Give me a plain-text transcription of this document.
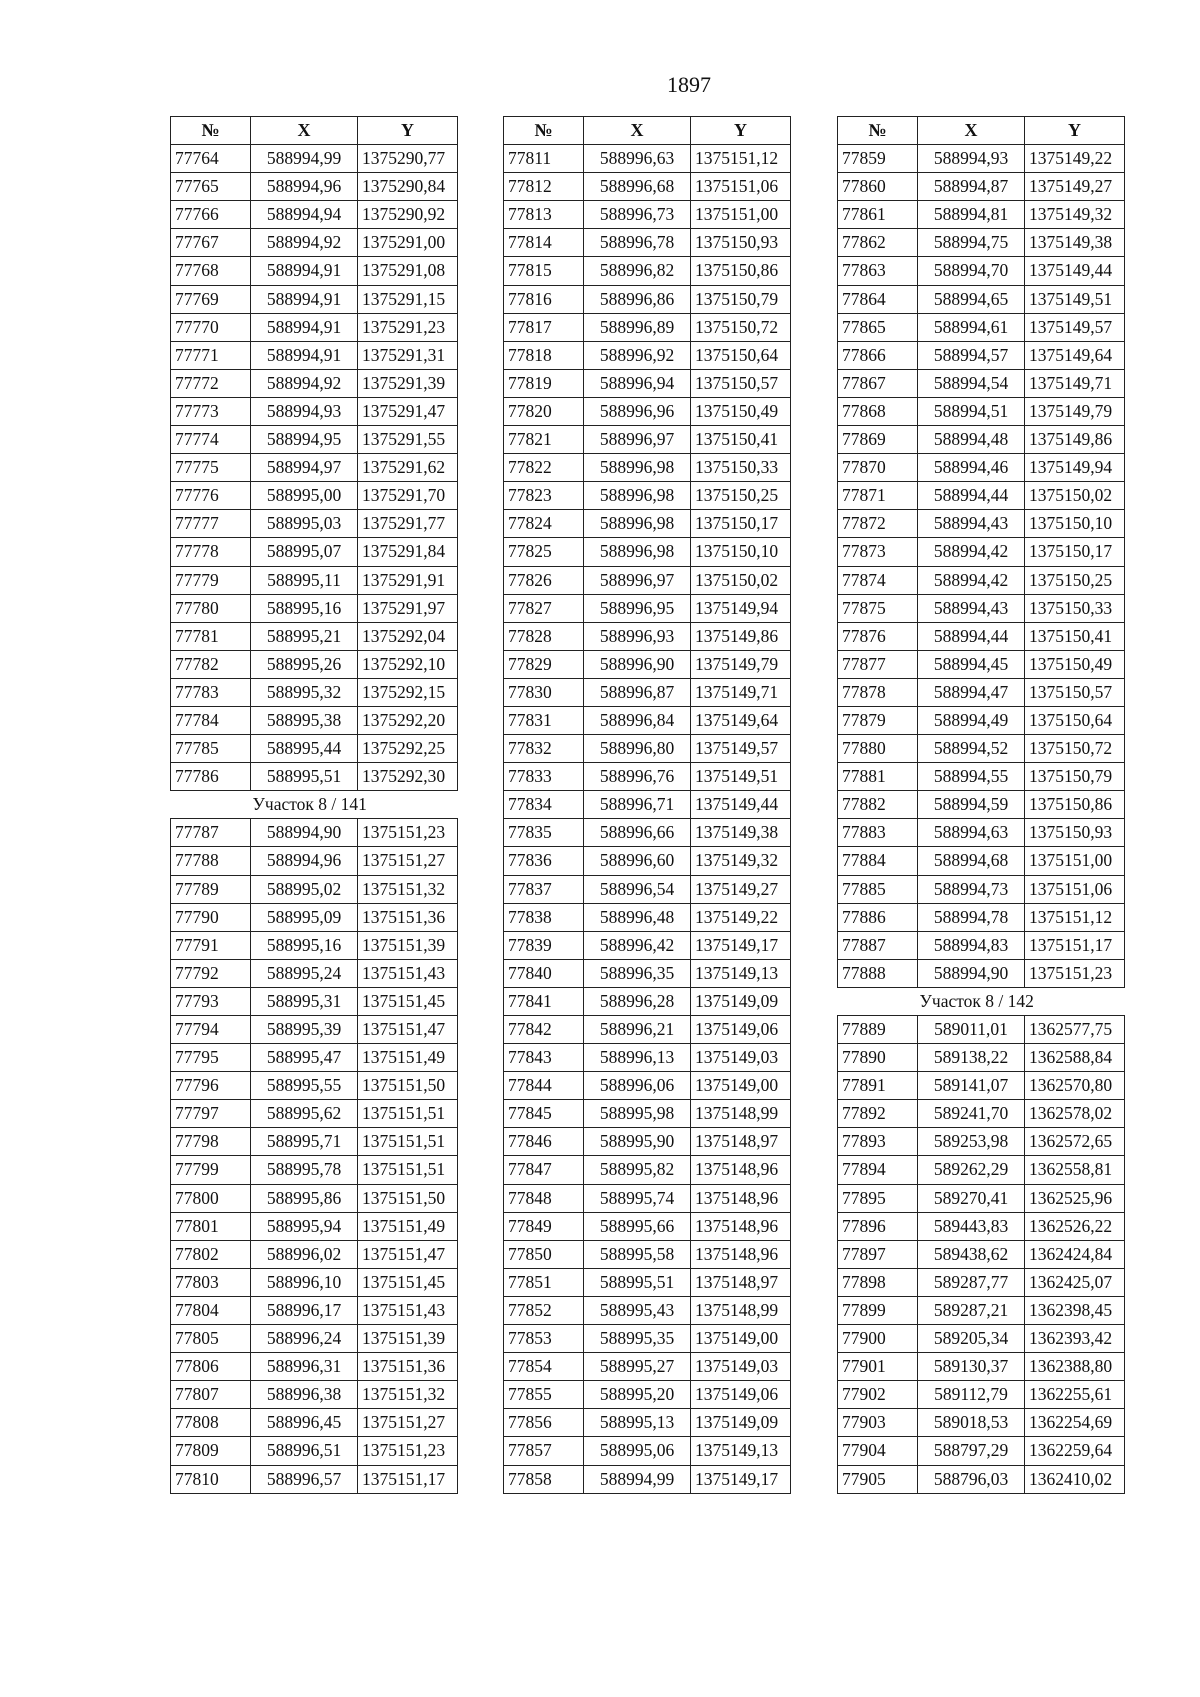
1897
№	X	Y
77764	588994,99	1375290,77
77765	588994,96	1375290,84
77766	588994,94	1375290,92
77767	588994,92	1375291,00
77768	588994,91	1375291,08
77769	588994,91	1375291,15
77770	588994,91	1375291,23
77771	588994,91	1375291,31
77772	588994,92	1375291,39
77773	588994,93	1375291,47
77774	588994,95	1375291,55
77775	588994,97	1375291,62
77776	588995,00	1375291,70
77777	588995,03	1375291,77
77778	588995,07	1375291,84
77779	588995,11	1375291,91
77780	588995,16	1375291,97
77781	588995,21	1375292,04
77782	588995,26	1375292,10
77783	588995,32	1375292,15
77784	588995,38	1375292,20
77785	588995,44	1375292,25
77786	588995,51	1375292,30
Участок 8 / 141		
77787	588994,90	1375151,23
77788	588994,96	1375151,27
77789	588995,02	1375151,32
77790	588995,09	1375151,36
77791	588995,16	1375151,39
77792	588995,24	1375151,43
77793	588995,31	1375151,45
77794	588995,39	1375151,47
77795	588995,47	1375151,49
77796	588995,55	1375151,50
77797	588995,62	1375151,51
77798	588995,71	1375151,51
77799	588995,78	1375151,51
77800	588995,86	1375151,50
77801	588995,94	1375151,49
77802	588996,02	1375151,47
77803	588996,10	1375151,45
77804	588996,17	1375151,43
77805	588996,24	1375151,39
77806	588996,31	1375151,36
77807	588996,38	1375151,32
77808	588996,45	1375151,27
77809	588996,51	1375151,23
77810	588996,57	1375151,17
№	X	Y
77811	588996,63	1375151,12
77812	588996,68	1375151,06
77813	588996,73	1375151,00
77814	588996,78	1375150,93
77815	588996,82	1375150,86
77816	588996,86	1375150,79
77817	588996,89	1375150,72
77818	588996,92	1375150,64
77819	588996,94	1375150,57
77820	588996,96	1375150,49
77821	588996,97	1375150,41
77822	588996,98	1375150,33
77823	588996,98	1375150,25
77824	588996,98	1375150,17
77825	588996,98	1375150,10
77826	588996,97	1375150,02
77827	588996,95	1375149,94
77828	588996,93	1375149,86
77829	588996,90	1375149,79
77830	588996,87	1375149,71
77831	588996,84	1375149,64
77832	588996,80	1375149,57
77833	588996,76	1375149,51
77834	588996,71	1375149,44
77835	588996,66	1375149,38
77836	588996,60	1375149,32
77837	588996,54	1375149,27
77838	588996,48	1375149,22
77839	588996,42	1375149,17
77840	588996,35	1375149,13
77841	588996,28	1375149,09
77842	588996,21	1375149,06
77843	588996,13	1375149,03
77844	588996,06	1375149,00
77845	588995,98	1375148,99
77846	588995,90	1375148,97
77847	588995,82	1375148,96
77848	588995,74	1375148,96
77849	588995,66	1375148,96
77850	588995,58	1375148,96
77851	588995,51	1375148,97
77852	588995,43	1375148,99
77853	588995,35	1375149,00
77854	588995,27	1375149,03
77855	588995,20	1375149,06
77856	588995,13	1375149,09
77857	588995,06	1375149,13
77858	588994,99	1375149,17
№	X	Y
77859	588994,93	1375149,22
77860	588994,87	1375149,27
77861	588994,81	1375149,32
77862	588994,75	1375149,38
77863	588994,70	1375149,44
77864	588994,65	1375149,51
77865	588994,61	1375149,57
77866	588994,57	1375149,64
77867	588994,54	1375149,71
77868	588994,51	1375149,79
77869	588994,48	1375149,86
77870	588994,46	1375149,94
77871	588994,44	1375150,02
77872	588994,43	1375150,10
77873	588994,42	1375150,17
77874	588994,42	1375150,25
77875	588994,43	1375150,33
77876	588994,44	1375150,41
77877	588994,45	1375150,49
77878	588994,47	1375150,57
77879	588994,49	1375150,64
77880	588994,52	1375150,72
77881	588994,55	1375150,79
77882	588994,59	1375150,86
77883	588994,63	1375150,93
77884	588994,68	1375151,00
77885	588994,73	1375151,06
77886	588994,78	1375151,12
77887	588994,83	1375151,17
77888	588994,90	1375151,23
Участок 8 / 142		
77889	589011,01	1362577,75
77890	589138,22	1362588,84
77891	589141,07	1362570,80
77892	589241,70	1362578,02
77893	589253,98	1362572,65
77894	589262,29	1362558,81
77895	589270,41	1362525,96
77896	589443,83	1362526,22
77897	589438,62	1362424,84
77898	589287,77	1362425,07
77899	589287,21	1362398,45
77900	589205,34	1362393,42
77901	589130,37	1362388,80
77902	589112,79	1362255,61
77903	589018,53	1362254,69
77904	588797,29	1362259,64
77905	588796,03	1362410,02
